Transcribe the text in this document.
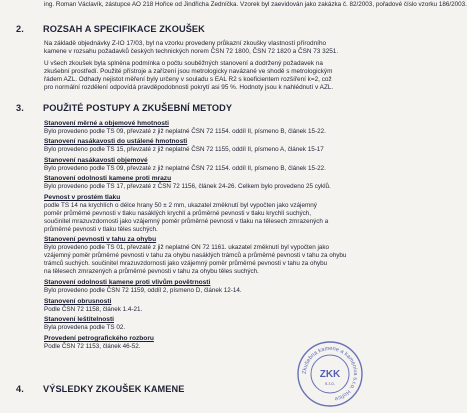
ing. Roman Václavík, zástupce AO 218 Hořice od Jindřicha Zedníčka. Vzorek byl zaevidován jako zakázka č. 82/2003, pořadové číslo vzorku 186/2003.
2. ROZSAH A SPECIFIKACE ZKOUŠEK

Na základě objednávky Z-IO 17/03, byl na vzorku provedeny průkazní zkoušky vlastností přírodního

kamene v rozsahu požadavků českých technických norem ČSN 72 1800, ČSN 72 1820 a ČSN 73 3251.

U všech zkoušek byla splněna podmínka o počtu souběžných stanovení a dodržený požadavek na

zkušební prostředí. Použité přístroje a zařízení jsou metrologicky navázané ve shodě s metrologickým

řádem AZL. Odhady nejistot měření byly určeny v souladu s EAL R2 s koeficientem rozšíření k=2, což

pro normální rozdělení odpovídá pravděpodobnosti pokrytí asi 95 %. Hodnoty jsou k nahlédnutí v AZL.

3. POUŽITÉ POSTUPY A ZKUŠEBNÍ METODY
Stanovení měrné a objemové hmotnosti
Bylo provedeno podle TS 09, převzaté z již neplatné ČSN 72 1154. oddíl II, písmeno B, článek 15-22.
Stanovení nasákavosti do ustálené hmotnosti
Bylo provedeno podle TS 15, převzaté z již neplatné ČSN 72 1155, oddíl II, písmeno A, článek 15-17
Stanovení nasákavosti objemové
Bylo provedeno podle TS 09, převzaté z již neplatné ČSN 72 1154. oddíl II, písmeno B, článek 15-22.
Stanovení odolnosti kamene proti mrazu
Bylo provedeno podle TS 17, převzaté z ČSN 72 1156, článek 24-26. Celkem bylo provedeno 25 cyklů.
Pevnost v prostém tlaku
podle TS 14 na krychlích o délce hrany 50 ± 2 mm, ukazatel změknutí byl vypočten jako vzájemný
poměr průměrné pevnosti v tlaku nasáklých krychlí a průměrné pevnosti v tlaku krychlí suchých,
součinitel mrazuvzdornosti jako vzájemný poměr průměrné pevnosti v tlaku na tělesech zmrazených a
průměrné pevnosti v tlaku těles suchých.
Stanovení pevnosti v tahu za ohybu
Bylo provedeno podle TS 01, převzaté z již neplatné ON 72 1161. ukazatel změknutí byl vypočten jako
vzájemný poměr průměrné pevnosti v tahu za ohybu nasáklých trámců a průměrné pevnosti v tahu za ohybu
trámců suchých. součinitel mrazuvzdornosti jako vzájemný poměr průměrné pevnosti v tahu za ohybu
na tělesech zmrazených a průměrné pevnosti v tahu za ohybu těles suchých.
Stanovení odolnosti kamene proti vlivům povětrnosti
Bylo provedeno podle ČSN 72 1159, oddíl 2, písmeno D, článek 12-14.
Stanovení obrusnosti
Podle ČSN 72 1158, článek 1.4-21.
Stanovení leštitelnosti
Byla provedena podle TS 02.
Provedení petrografického rozboru
Podle ČSN 72 1153, článek 46-52.
4. VÝSLEDKY ZKOUŠEK KAMENE
Zkušebna kamene a kameniva s.r.o. Hořice
ZKK
s.r.o.
